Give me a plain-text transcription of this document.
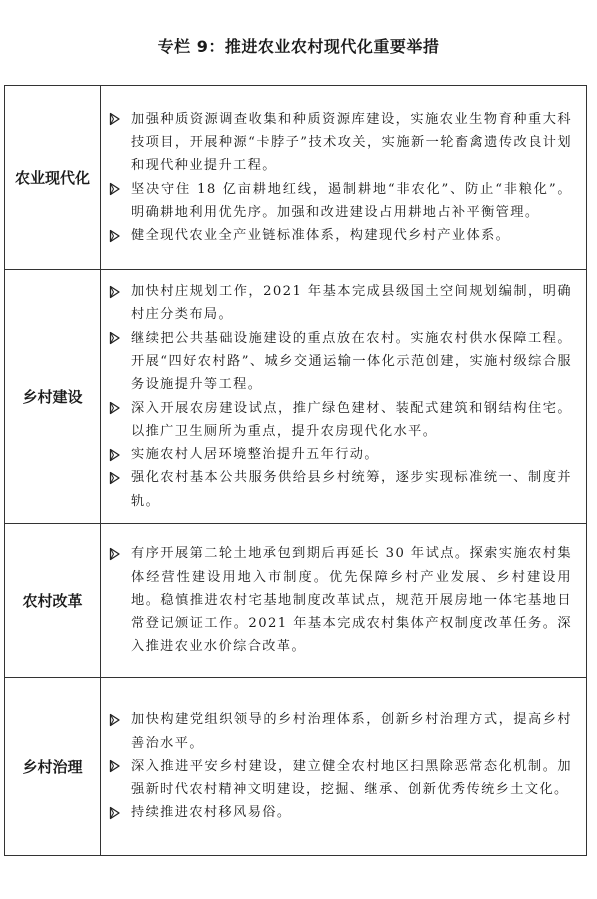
专栏 9：推进农业农村现代化重要举措
农业现代化	加强种质资源调查收集和种质资源库建设，实施农业生物育种重大科技项目，开展种源“卡脖子”技术攻关，实施新一轮畜禽遗传改良计划和现代种业提升工程。
坚决守住 18 亿亩耕地红线，遏制耕地“非农化”、防止“非粮化”。明确耕地利用优先序。加强和改进建设占用耕地占补平衡管理。
健全现代农业全产业链标准体系，构建现代乡村产业体系。

乡村建设	加快村庄规划工作，2021 年基本完成县级国土空间规划编制，明确村庄分类布局。
继续把公共基础设施建设的重点放在农村。实施农村供水保障工程。开展“四好农村路”、城乡交通运输一体化示范创建，实施村级综合服务设施提升等工程。
深入开展农房建设试点，推广绿色建材、装配式建筑和钢结构住宅。以推广卫生厕所为重点，提升农房现代化水平。
实施农村人居环境整治提升五年行动。
强化农村基本公共服务供给县乡村统筹，逐步实现标准统一、制度并轨。

农村改革	有序开展第二轮土地承包到期后再延长 30 年试点。探索实施农村集体经营性建设用地入市制度。优先保障乡村产业发展、乡村建设用地。稳慎推进农村宅基地制度改革试点，规范开展房地一体宅基地日常登记颁证工作。2021 年基本完成农村集体产权制度改革任务。深入推进农业水价综合改革。

乡村治理	加快构建党组织领导的乡村治理体系，创新乡村治理方式，提高乡村善治水平。
深入推进平安乡村建设，建立健全农村地区扫黑除恶常态化机制。加强新时代农村精神文明建设，挖掘、继承、创新优秀传统乡土文化。
持续推进农村移风易俗。
